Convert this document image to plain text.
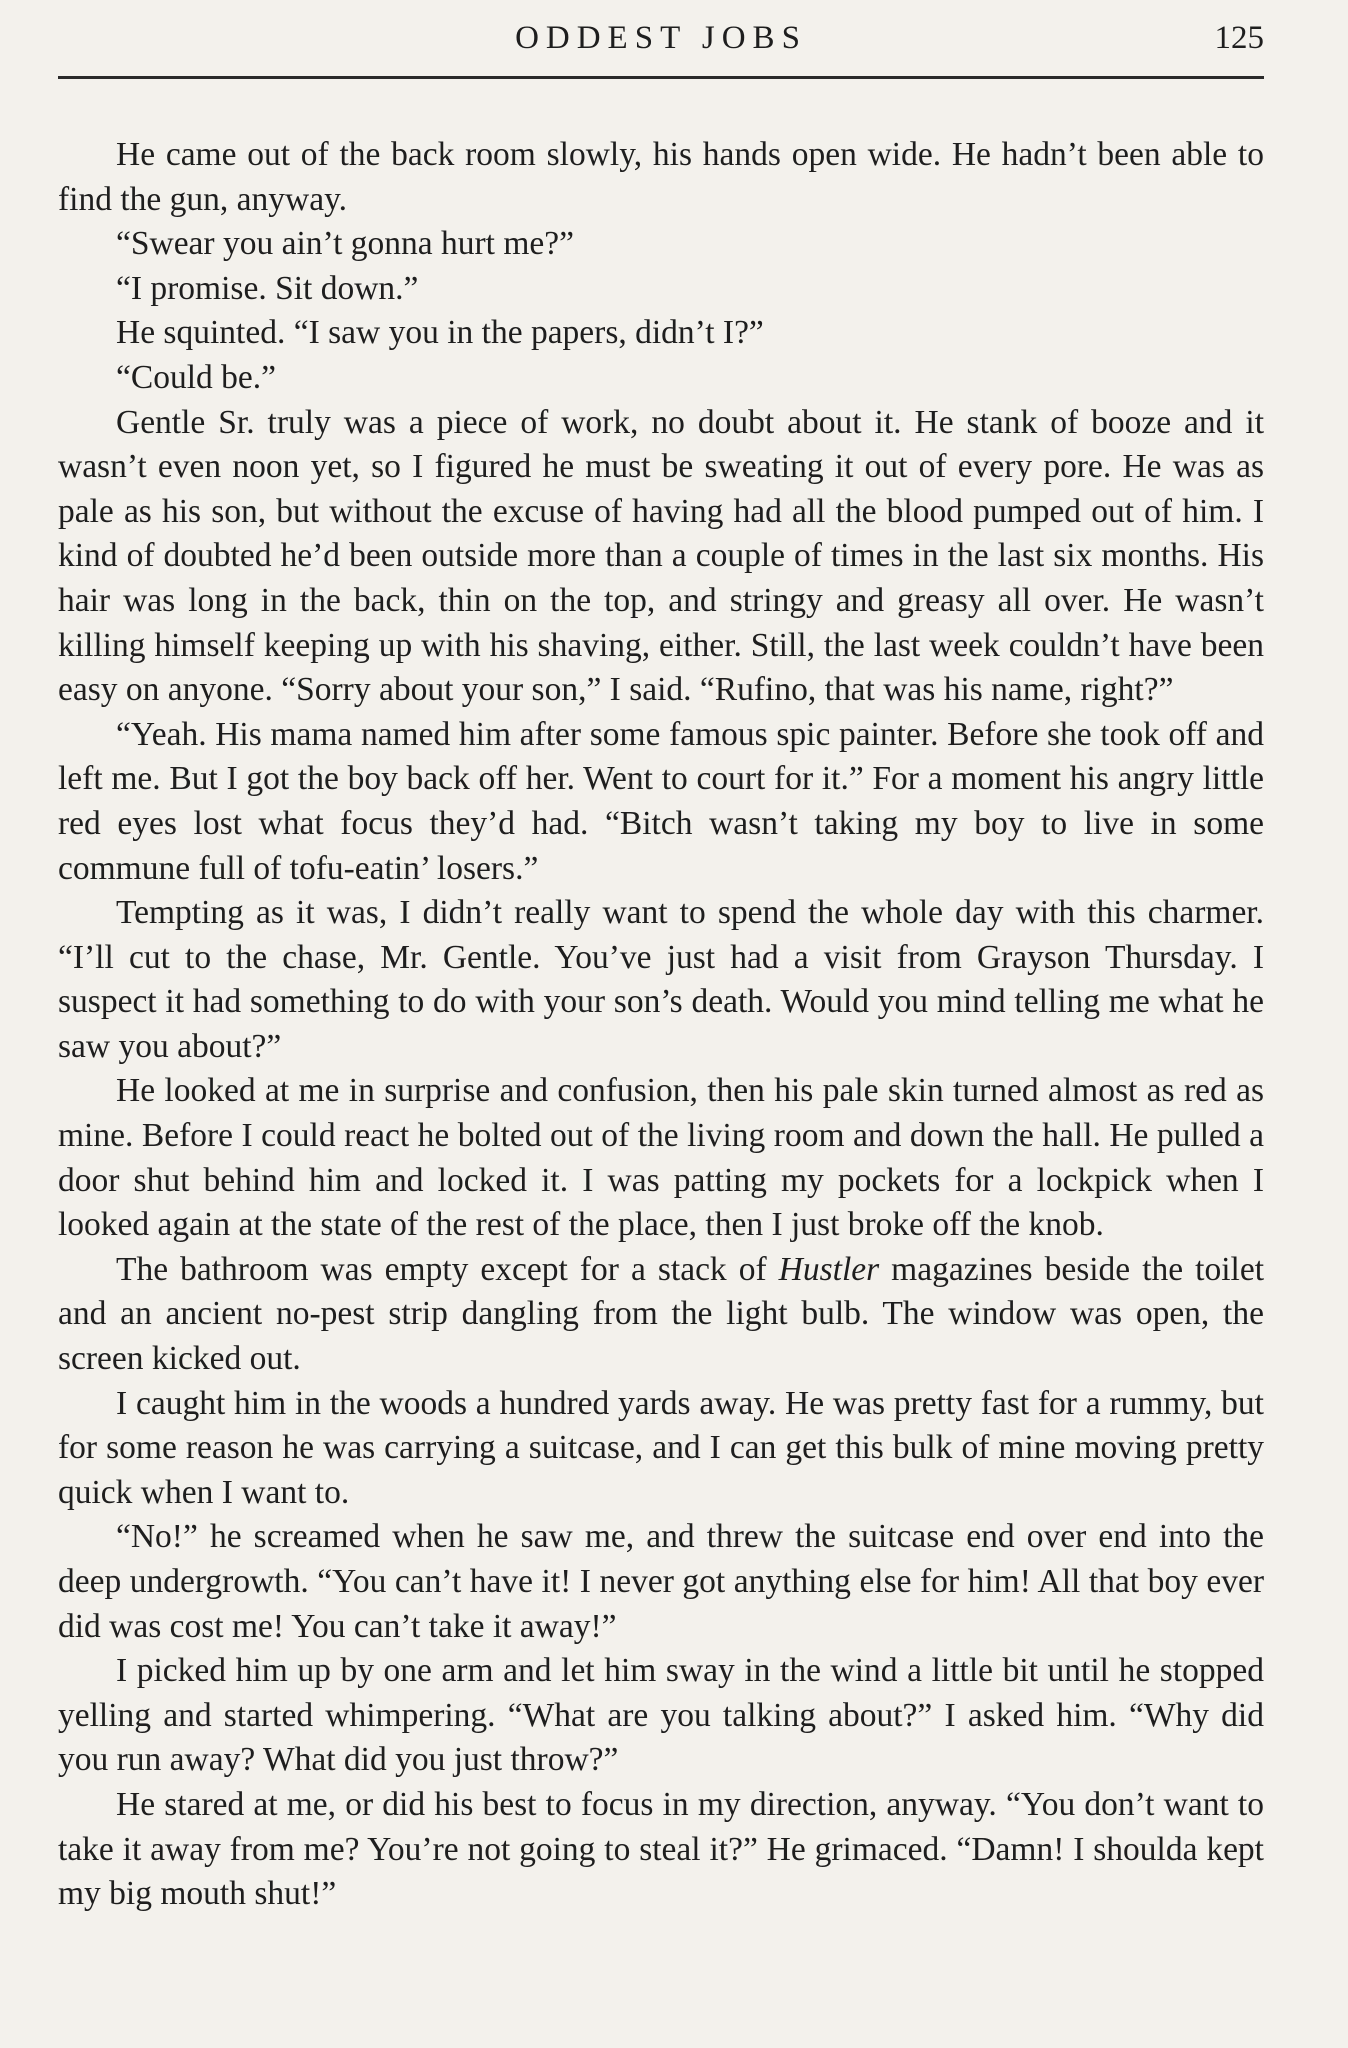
ODDEST JOBS	125

He came out of the back room slowly, his hands open wide. He hadn’t been able to find the gun, anyway.

“Swear you ain’t gonna hurt me?”

“I promise. Sit down.”

He squinted. “I saw you in the papers, didn’t I?”

“Could be.”

Gentle Sr. truly was a piece of work, no doubt about it. He stank of booze and it wasn’t even noon yet, so I figured he must be sweating it out of every pore. He was as pale as his son, but without the excuse of having had all the blood pumped out of him. I kind of doubted he’d been outside more than a couple of times in the last six months. His hair was long in the back, thin on the top, and stringy and greasy all over. He wasn’t killing himself keeping up with his shaving, either. Still, the last week couldn’t have been easy on anyone. “Sorry about your son,” I said. “Rufino, that was his name, right?”

“Yeah. His mama named him after some famous spic painter. Before she took off and left me. But I got the boy back off her. Went to court for it.” For a moment his angry little red eyes lost what focus they’d had. “Bitch wasn’t taking my boy to live in some commune full of tofu-eatin’ losers.”

Tempting as it was, I didn’t really want to spend the whole day with this charmer. “I’ll cut to the chase, Mr. Gentle. You’ve just had a visit from Grayson Thursday. I suspect it had something to do with your son’s death. Would you mind telling me what he saw you about?”

He looked at me in surprise and confusion, then his pale skin turned almost as red as mine. Before I could react he bolted out of the living room and down the hall. He pulled a door shut behind him and locked it. I was patting my pockets for a lockpick when I looked again at the state of the rest of the place, then I just broke off the knob.

The bathroom was empty except for a stack of Hustler magazines beside the toilet and an ancient no-pest strip dangling from the light bulb. The window was open, the screen kicked out.

I caught him in the woods a hundred yards away. He was pretty fast for a rummy, but for some reason he was carrying a suitcase, and I can get this bulk of mine moving pretty quick when I want to.

“No!” he screamed when he saw me, and threw the suitcase end over end into the deep undergrowth. “You can’t have it! I never got anything else for him! All that boy ever did was cost me! You can’t take it away!”

I picked him up by one arm and let him sway in the wind a little bit until he stopped yelling and started whimpering. “What are you talking about?” I asked him. “Why did you run away? What did you just throw?”

He stared at me, or did his best to focus in my direction, anyway. “You don’t want to take it away from me? You’re not going to steal it?” He grimaced. “Damn! I shoulda kept my big mouth shut!”
